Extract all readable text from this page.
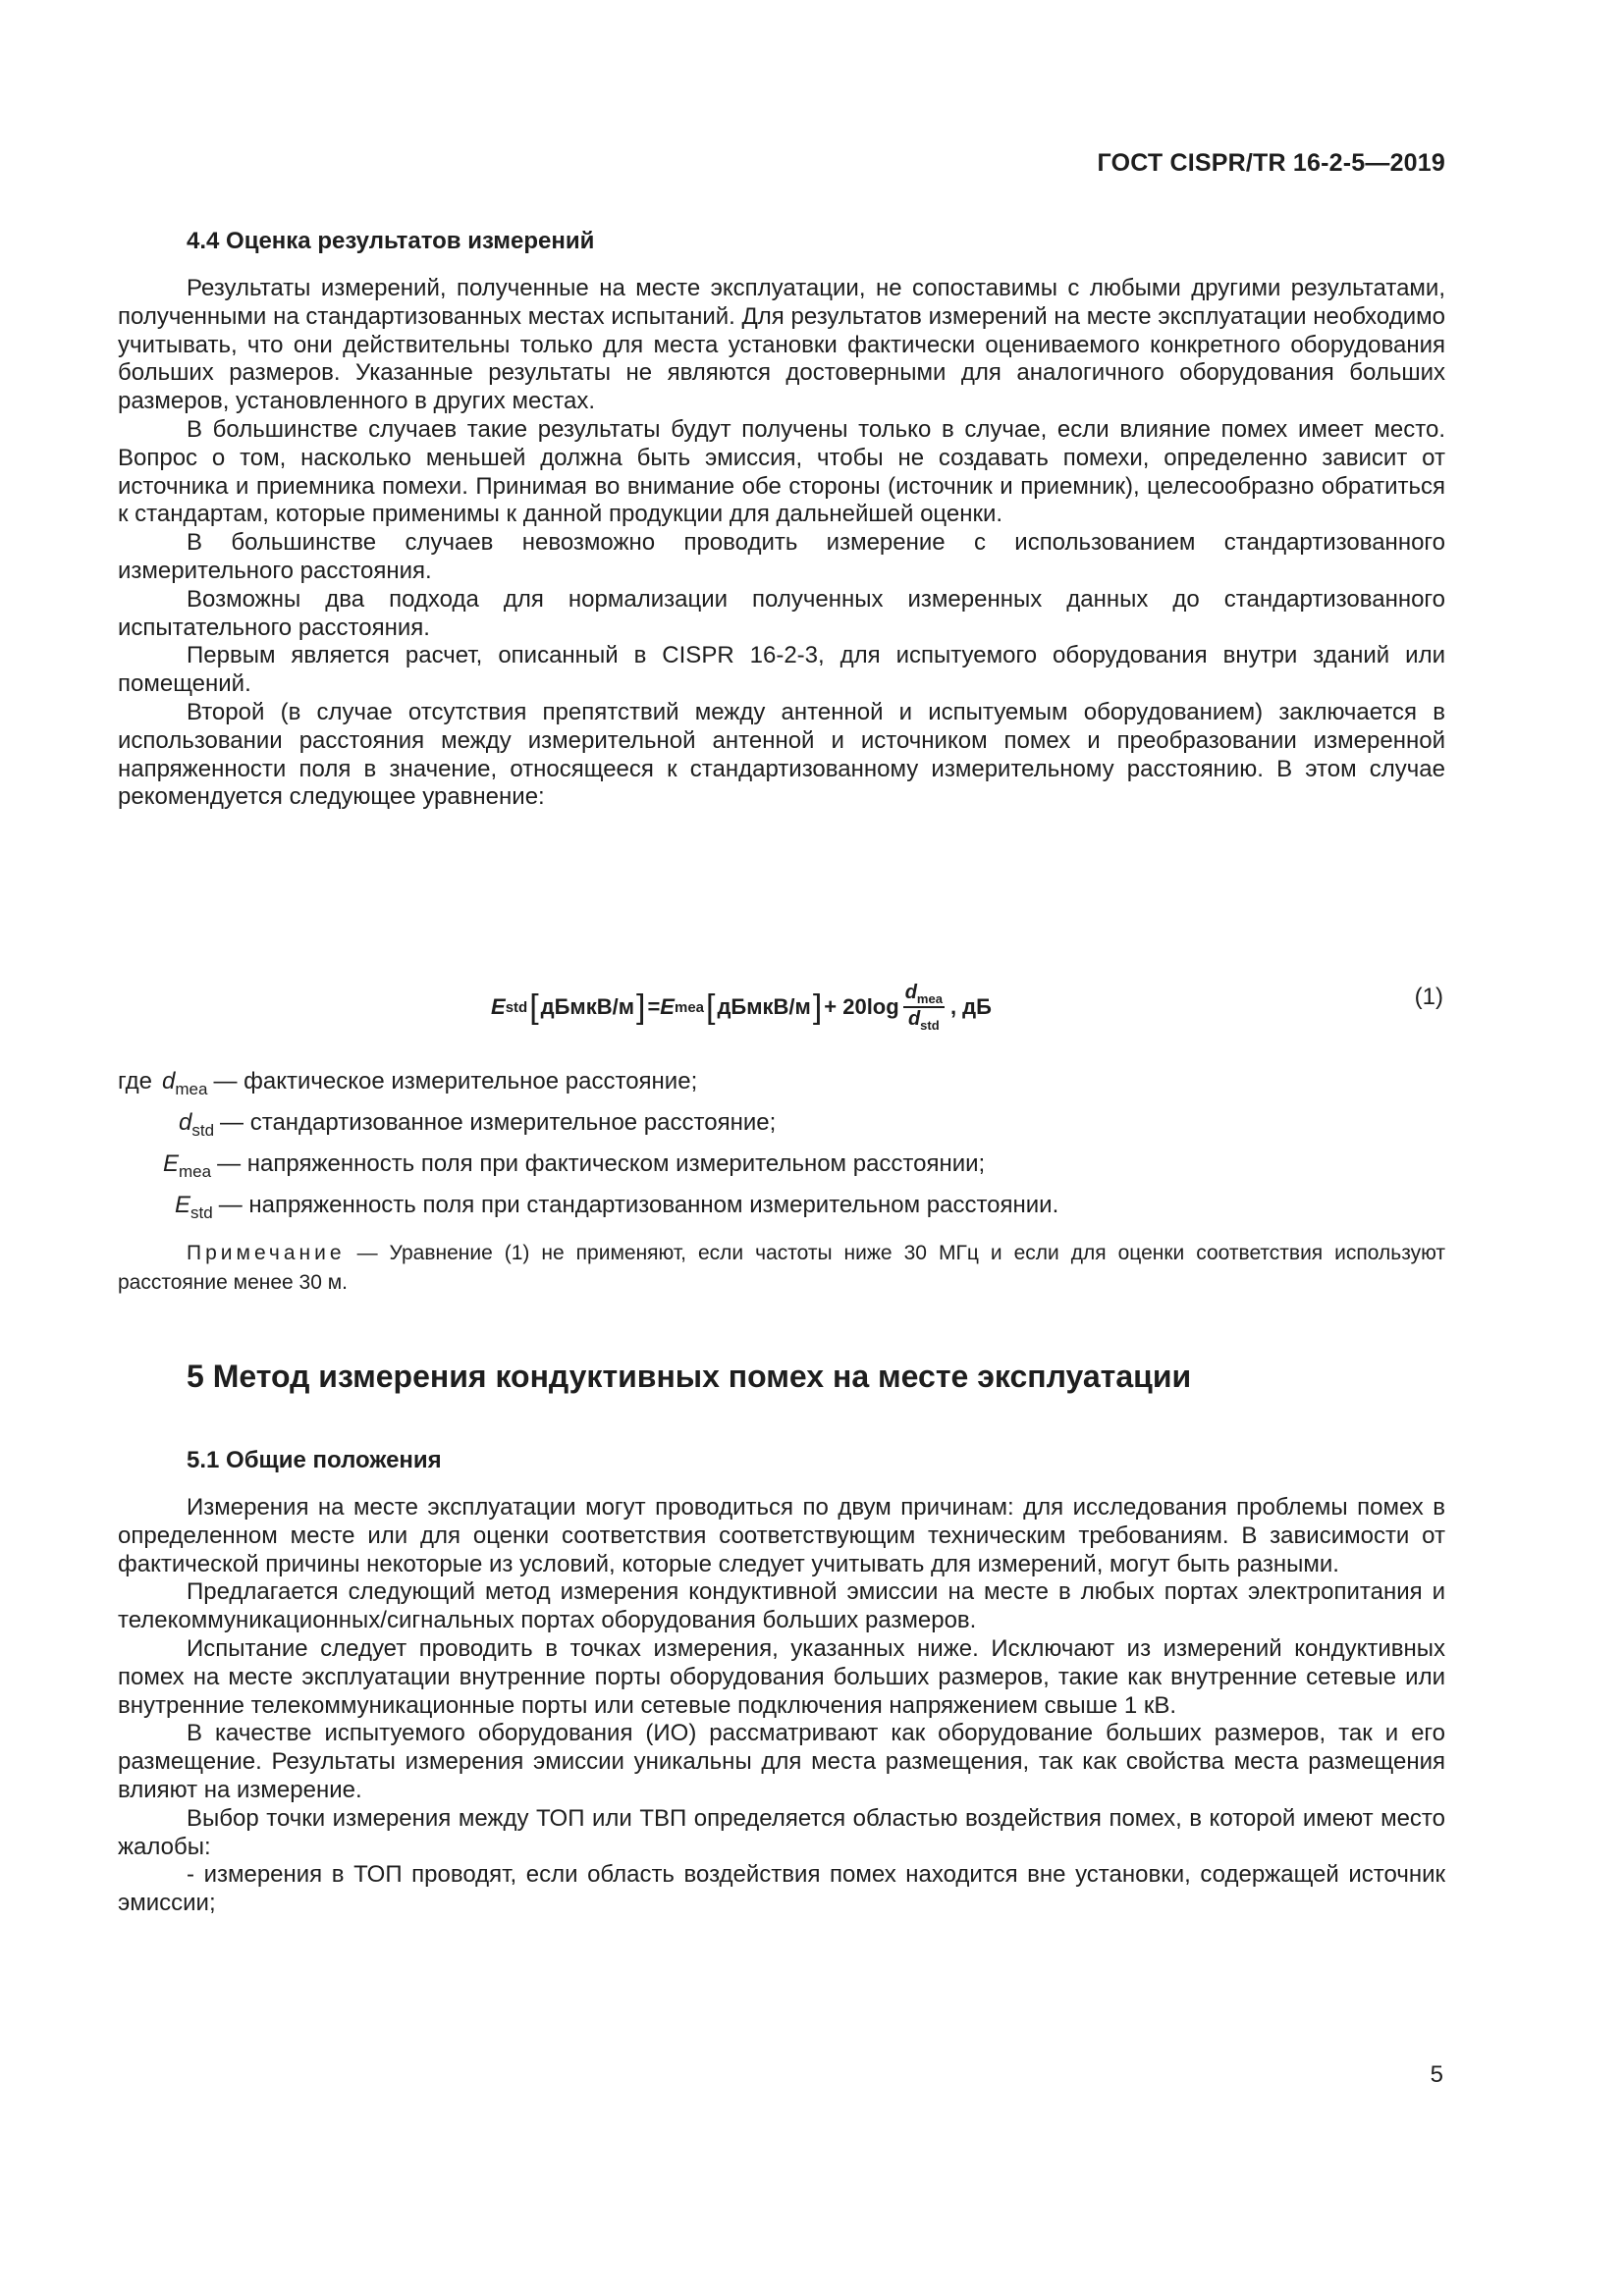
ГОСТ CISPR/TR 16-2-5—2019
4.4 Оценка результатов измерений

Результаты измерений, полученные на месте эксплуатации, не сопоставимы с любыми другими результатами, полученными на стандартизованных местах испытаний. Для результатов измерений на месте эксплуатации необходимо учитывать, что они действительны только для места установки фактически оцениваемого конкретного оборудования больших размеров. Указанные результаты не являются достоверными для аналогичного оборудования больших размеров, установленного в других местах.

В большинстве случаев такие результаты будут получены только в случае, если влияние помех имеет место. Вопрос о том, насколько меньшей должна быть эмиссия, чтобы не создавать помехи, определенно зависит от источника и приемника помехи. Принимая во внимание обе стороны (источник и приемник), целесообразно обратиться к стандартам, которые применимы к данной продукции для дальнейшей оценки.

В большинстве случаев невозможно проводить измерение с использованием стандартизованного измерительного расстояния.

Возможны два подхода для нормализации полученных измеренных данных до стандартизованного испытательного расстояния.

Первым является расчет, описанный в CISPR 16-2-3, для испытуемого оборудования внутри зданий или помещений.

Второй (в случае отсутствия препятствий между антенной и испытуемым оборудованием) заключается в использовании расстояния между измерительной антенной и источником помех и преобразовании измеренной напряженности поля в значение, относящееся к стандартизованному измерительному расстоянию. В этом случае рекомендуется следующее уравнение:

E std [ дБмкВ/м ] = E mea [ дБмкВ/м ] + $20\log \frac{d_{mea}}{d_{std}}$ , дБ	(1)
где $d_{mea}$ — фактическое измерительное расстояние;
$d_{std}$ — стандартизованное измерительное расстояние;
$E_{mea}$ — напряженность поля при фактическом измерительном расстоянии;
$E_{std}$ — напряженность поля при стандартизованном измерительном расстоянии.
Примечание — Уравнение (1) не применяют, если частоты ниже 30 МГц и если для оценки соответствия используют расстояние менее 30 м.
5 Метод измерения кондуктивных помех на месте эксплуатации
5.1 Общие положения

Измерения на месте эксплуатации могут проводиться по двум причинам: для исследования проблемы помех в определенном месте или для оценки соответствия соответствующим техническим требованиям. В зависимости от фактической причины некоторые из условий, которые следует учитывать для измерений, могут быть разными.

Предлагается следующий метод измерения кондуктивной эмиссии на месте в любых портах электропитания и телекоммуникационных/сигнальных портах оборудования больших размеров.

Испытание следует проводить в точках измерения, указанных ниже. Исключают из измерений кондуктивных помех на месте эксплуатации внутренние порты оборудования больших размеров, такие как внутренние сетевые или внутренние телекоммуникационные порты или сетевые подключения напряжением свыше 1 кВ.

В качестве испытуемого оборудования (ИО) рассматривают как оборудование больших размеров, так и его размещение. Результаты измерения эмиссии уникальны для места размещения, так как свойства места размещения влияют на измерение.

Выбор точки измерения между ТОП или ТВП определяется областью воздействия помех, в которой имеют место жалобы:

- измерения в ТОП проводят, если область воздействия помех находится вне установки, содержащей источник эмиссии;

5
